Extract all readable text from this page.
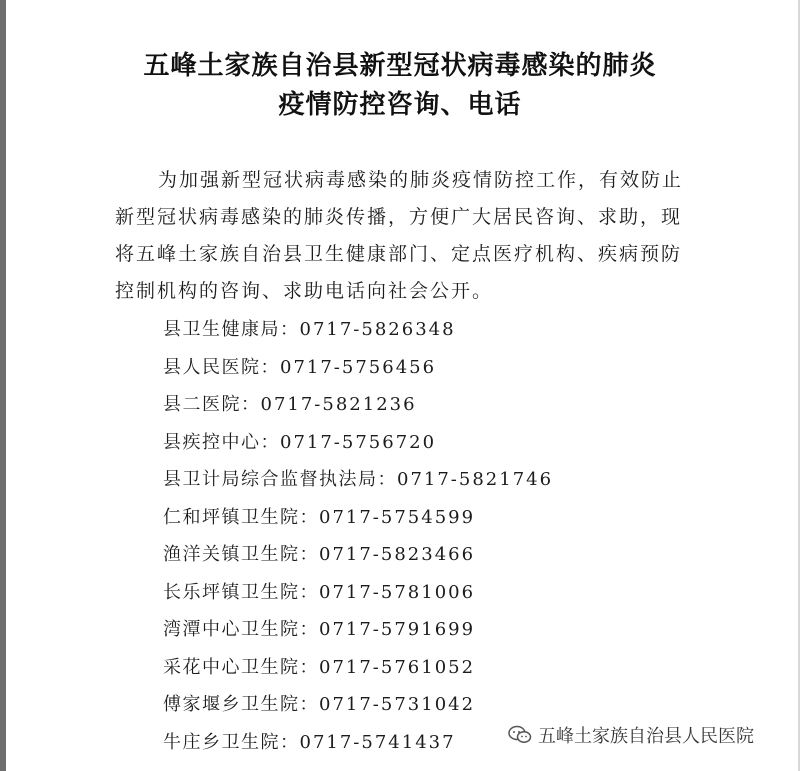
五峰土家族自治县新型冠状病毒感染的肺炎
疫情防控咨询、电话
为加强新型冠状病毒感染的肺炎疫情防控工作，有效防止
新型冠状病毒感染的肺炎传播，方便广大居民咨询、求助，现
将五峰土家族自治县卫生健康部门、定点医疗机构、疾病预防
控制机构的咨询、求助电话向社会公开。
县卫生健康局：0717-5826348
县人民医院：0717-5756456
县二医院：0717-5821236
县疾控中心：0717-5756720
县卫计局综合监督执法局：0717-5821746
仁和坪镇卫生院：0717-5754599
渔洋关镇卫生院：0717-5823466
长乐坪镇卫生院：0717-5781006
湾潭中心卫生院：0717-5791699
采花中心卫生院：0717-5761052
傅家堰乡卫生院：0717-5731042
牛庄乡卫生院：0717-5741437	五峰土家族自治县人民医院
